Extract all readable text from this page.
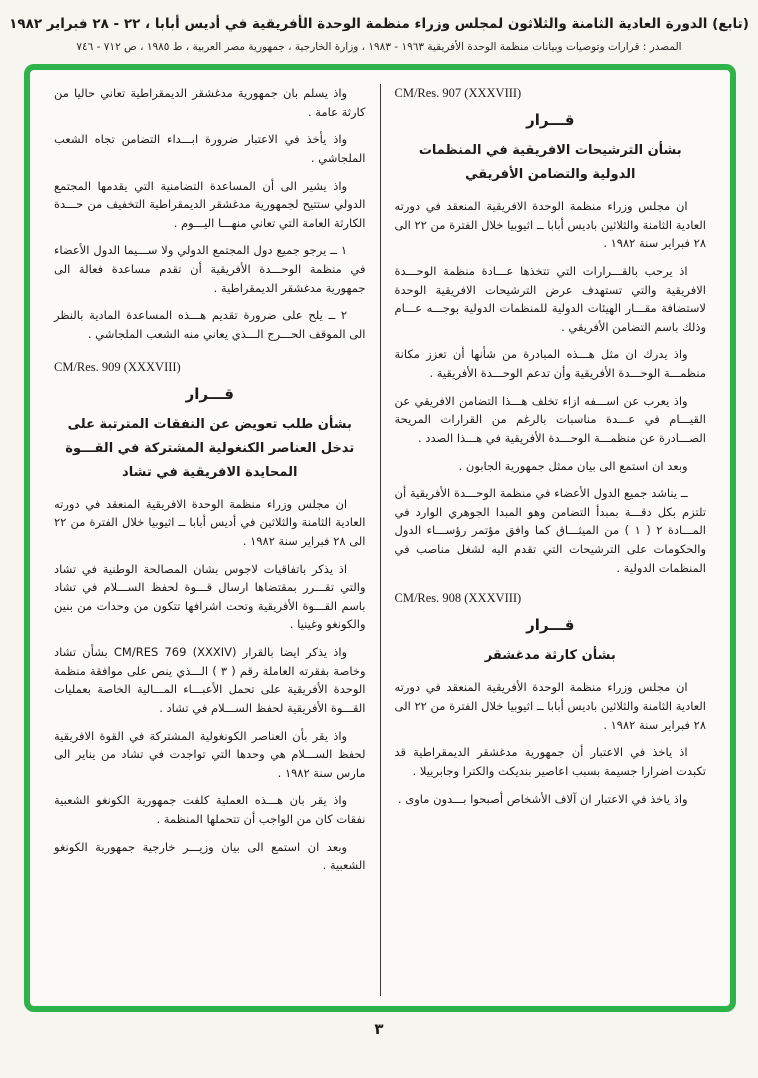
(تابع) الدورة العادية الثامنة والثلاثون لمجلس وزراء منظمة الوحدة الأفريقية في أديس أبابا ، ٢٢ - ٢٨ فبراير ١٩٨٢
المصدر : قرارات وتوصيات وبيانات منظمة الوحدة الأفريقية ١٩٦٣ - ١٩٨٣ ، وزارة الخارجية ، جمهورية مصر العربية ، ط ١٩٨٥ ، ص ٧١٢ - ٧٤٦

واذ يسلم بان جمهورية مدغشقر الديمقراطية تعاني حاليا من كارثة عامة .

واذ يأخذ في الاعتبار ضرورة ابـــداء التضامن تجاه الشعب الملجاشي .

واذ يشير الى أن المساعدة التضامنية التي يقدمها المجتمع الدولي ستتيح لجمهورية مدغشقر الديمقراطية التخفيف من حـــدة الكارثة العامة التي تعاني منهـــا اليـــوم .

١ ــ يرجو جميع دول المجتمع الدولي ولا ســـيما الدول الأعضاء في منظمة الوحـــدة الأفريقية أن تقدم مساعدة فعالة الى جمهورية مدغشقر الديمقراطية .

٢ ــ يلح على ضرورة تقديم هـــذه المساعدة المادية بالنظر الى الموقف الحـــرج الـــذي يعاني منه الشعب الملجاشي .

CM/Res. 909 (XXXVIII)
قـــرار

بشأن طلب تعويض عن النفقات المترتبة على

تدخل العناصر الكنغولية المشتركة في القـــوة

المحايدة الافريقية في تشاد

ان مجلس وزراء منظمة الوحدة الافريقية المنعقد في دورته العادية الثامنة والثلاثين في أديس أبابا ــ اثيوبيا خلال الفترة من ٢٢ الى ٢٨ فبراير سنة ١٩٨٢ .

اذ يذكر باتفاقيات لاجوس بشان المصالحة الوطنية في تشاد والتي تقـــرر بمقتضاها ارسال قـــوة لحفظ الســـلام في تشاد باسم القـــوة الأفريقية وتحت اشرافها تتكون من وحدات من بنين والكونغو وغينيا .

واذ يذكر ايضا بالقرار CM/RES 769 (XXXIV) بشأن تشاد وخاصة بفقرته العاملة رقم ( ٣ ) الـــذي ينص على موافقة منظمة الوحدة الأفريقية على تحمل الأعبـــاء المـــالية الخاصة بعمليات القـــوة الأفريقية لحفظ الســـلام في تشاد .

واذ يقر بأن العناصر الكونغولية المشتركة في القوة الافريقية لحفظ الســـلام هي وحدها التي تواجدت في تشاد من يناير الى مارس سنة ١٩٨٢ .

واذ يقر بان هـــذه العملية كلفت جمهورية الكونغو الشعبية نفقات كان من الواجب أن تتحملها المنظمة .

وبعد ان استمع الى بيان وزيـــر خارجية جمهورية الكونغو الشعبية .

CM/Res. 907 (XXXVIII)
قـــرار

بشأن الترشيحات الافريقية في المنظمات

الدولية والتضامن الأفريقي

ان مجلس وزراء منظمة الوحدة الافريقية المنعقد في دورته العادية الثامنة والثلاثين باديس أبابا ــ اثيوبيا خلال الفترة من ٢٢ الى ٢٨ فبراير سنة ١٩٨٢ .

اذ يرحب بالقـــرارات التي تتخذها عـــادة منظمة الوحـــدة الافريقية والتي تستهدف عرض الترشيحات الافريقية الوحدة لاستضافة مقـــار الهيئات الدولية للمنظمات الدولية بوجـــه عـــام وذلك باسم التضامن الأفريقي .

واذ يدرك ان مثل هـــذه المبادرة من شأنها أن تعزز مكانة منظمـــة الوحـــدة الأفريقية وأن تدعم الوحـــدة الأفريقية .

واذ يعرب عن اســـفه ازاء تخلف هـــذا التضامن الافريقي عن القيـــام في عـــدة مناسبات بالرغم من القرارات المريحة الصـــادرة عن منظمـــة الوحـــدة الأفريقية في هـــذا الصدد .

وبعد ان استمع الى بيان ممثل جمهورية الجابون .

ــ يناشد جميع الدول الأعضاء في منظمة الوحـــدة الأفريقية أن تلتزم بكل دقـــة بمبدأ التضامن وهو المبدا الجوهري الوارد في المـــادة ٢ ( ١ ) من الميثـــاق كما وافق مؤتمر رؤســـاء الدول والحكومات على الترشيحات التي تقدم اليه لشغل مناصب في المنظمات الدولية .

CM/Res. 908 (XXXVIII)
قـــرار

بشأن كارثة مدغشقر

ان مجلس وزراء منظمة الوحدة الأفريقية المنعقد في دورته العادية الثامنة والثلاثين باديس أبابا ــ اثيوبيا خلال الفترة من ٢٢ الى ٢٨ فبراير سنة ١٩٨٢ .

اذ ياخذ في الاعتبار أن جمهورية مدغشقر الديمقراطية قد تكبدت اضرارا جسيمة بسبب اعاصير بنديكت والكترا وجابرييلا .

واذ ياخذ في الاعتبار ان آلاف الأشخاص أصبحوا بـــدون ماوى .

٣
